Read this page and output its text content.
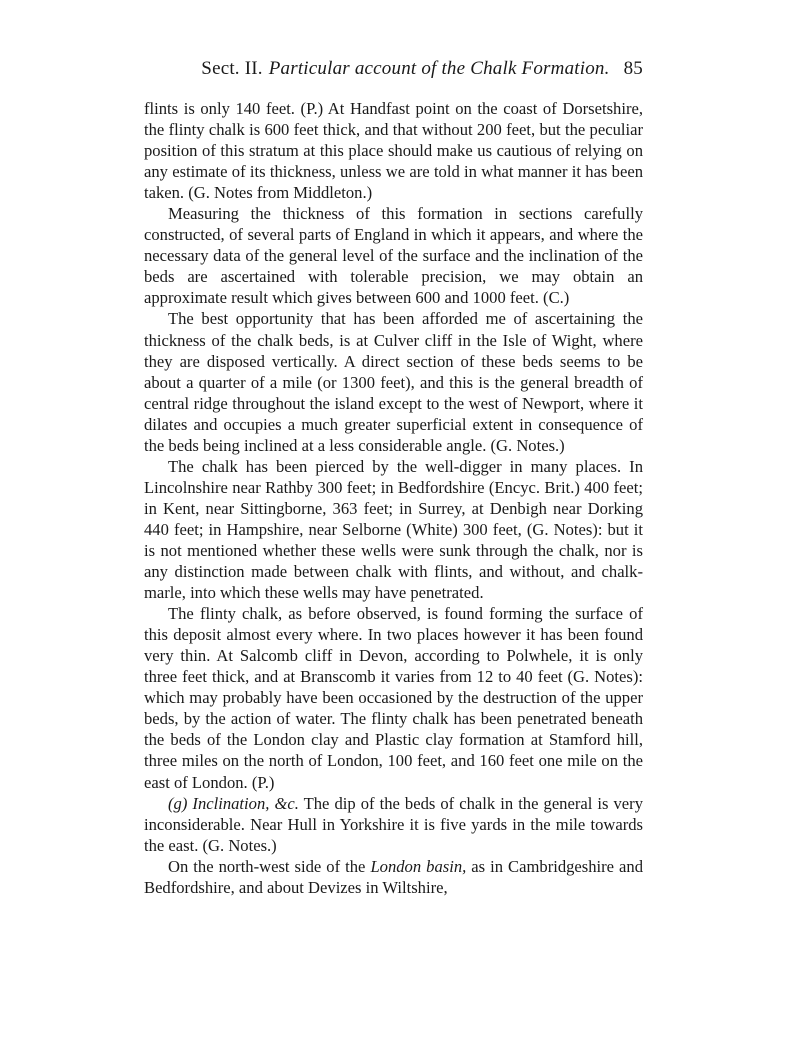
Sect. II. Particular account of the Chalk Formation. 85

flints is only 140 feet. (P.) At Handfast point on the coast of Dorsetshire, the flinty chalk is 600 feet thick, and that without 200 feet, but the peculiar position of this stratum at this place should make us cautious of relying on any estimate of its thickness, unless we are told in what manner it has been taken. (G. Notes from Middleton.)

Measuring the thickness of this formation in sections carefully constructed, of several parts of England in which it appears, and where the necessary data of the general level of the surface and the inclination of the beds are ascertained with tolerable precision, we may obtain an approximate result which gives between 600 and 1000 feet. (C.)

The best opportunity that has been afforded me of ascertaining the thickness of the chalk beds, is at Culver cliff in the Isle of Wight, where they are disposed vertically. A direct section of these beds seems to be about a quarter of a mile (or 1300 feet), and this is the general breadth of central ridge throughout the island except to the west of Newport, where it dilates and occupies a much greater superficial extent in consequence of the beds being inclined at a less considerable angle. (G. Notes.)

The chalk has been pierced by the well-digger in many places. In Lincolnshire near Rathby 300 feet; in Bedfordshire (Encyc. Brit.) 400 feet; in Kent, near Sittingborne, 363 feet; in Surrey, at Denbigh near Dorking 440 feet; in Hampshire, near Selborne (White) 300 feet, (G. Notes): but it is not mentioned whether these wells were sunk through the chalk, nor is any distinction made between chalk with flints, and without, and chalk-marle, into which these wells may have penetrated.

The flinty chalk, as before observed, is found forming the surface of this deposit almost every where. In two places however it has been found very thin. At Salcomb cliff in Devon, according to Polwhele, it is only three feet thick, and at Branscomb it varies from 12 to 40 feet (G. Notes): which may probably have been occasioned by the destruction of the upper beds, by the action of water. The flinty chalk has been penetrated beneath the beds of the London clay and Plastic clay formation at Stamford hill, three miles on the north of London, 100 feet, and 160 feet one mile on the east of London. (P.)

(g) Inclination, &c. The dip of the beds of chalk in the general is very inconsiderable. Near Hull in Yorkshire it is five yards in the mile towards the east. (G. Notes.)

On the north-west side of the London basin, as in Cambridgeshire and Bedfordshire, and about Devizes in Wiltshire,
